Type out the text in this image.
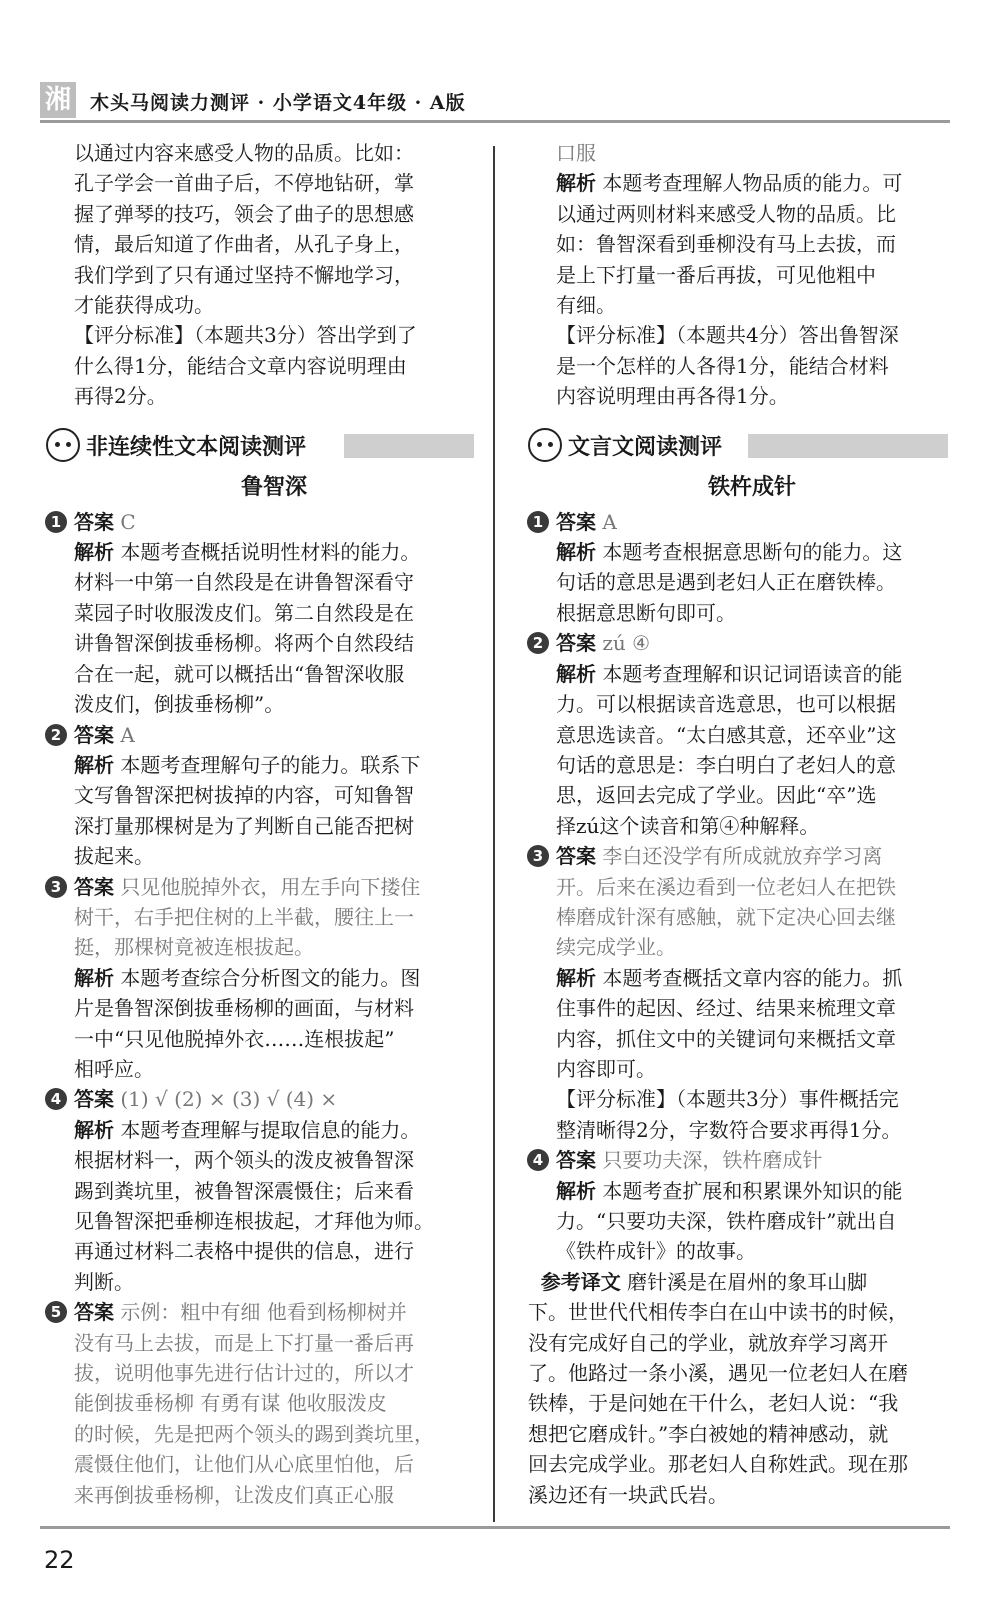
湘 木头马阅读力测评 · 小学语文4年级 · A版

以通过内容来感受人物的品质。比如：

孔子学会一首曲子后，不停地钻研，掌

握了弹琴的技巧，领会了曲子的思想感

情，最后知道了作曲者，从孔子身上，

我们学到了只有通过坚持不懈地学习，

才能获得成功。

【评分标准】（本题共3分）答出学到了

什么得1分，能结合文章内容说明理由

再得2分。

非连续性文本阅读测评
鲁智深
1 答案 C

解析 本题考查概括说明性材料的能力。

材料一中第一自然段是在讲鲁智深看守

菜园子时收服泼皮们。第二自然段是在

讲鲁智深倒拔垂杨柳。将两个自然段结

合在一起，就可以概括出“鲁智深收服

泼皮们，倒拔垂杨柳”。

2 答案 A

解析 本题考查理解句子的能力。联系下

文写鲁智深把树拔掉的内容，可知鲁智

深打量那棵树是为了判断自己能否把树

拔起来。

3 答案 只见他脱掉外衣，用左手向下搂住

树干，右手把住树的上半截，腰往上一

挺，那棵树竟被连根拔起。

解析 本题考查综合分析图文的能力。图

片是鲁智深倒拔垂杨柳的画面，与材料

一中“只见他脱掉外衣……连根拔起”

相呼应。

4 答案 (1) √ (2) × (3) √ (4) ×

解析 本题考查理解与提取信息的能力。

根据材料一，两个领头的泼皮被鲁智深

踢到粪坑里，被鲁智深震慑住；后来看

见鲁智深把垂柳连根拔起，才拜他为师。

再通过材料二表格中提供的信息，进行

判断。

5 答案 示例：粗中有细 他看到杨柳树并

没有马上去拔，而是上下打量一番后再

拔，说明他事先进行估计过的，所以才

能倒拔垂杨柳 有勇有谋 他收服泼皮

的时候，先是把两个领头的踢到粪坑里，

震慑住他们，让他们从心底里怕他，后

来再倒拔垂杨柳，让泼皮们真正心服

口服

解析 本题考查理解人物品质的能力。可

以通过两则材料来感受人物的品质。比

如：鲁智深看到垂柳没有马上去拔，而

是上下打量一番后再拔，可见他粗中

有细。

【评分标准】（本题共4分）答出鲁智深

是一个怎样的人各得1分，能结合材料

内容说明理由再各得1分。

文言文阅读测评
铁杵成针
1 答案 A

解析 本题考查根据意思断句的能力。这

句话的意思是遇到老妇人正在磨铁棒。

根据意思断句即可。

2 答案 zú ④

解析 本题考查理解和识记词语读音的能

力。可以根据读音选意思，也可以根据

意思选读音。“太白感其意，还卒业”这

句话的意思是：李白明白了老妇人的意

思，返回去完成了学业。因此“卒”选

择zú这个读音和第④种解释。

3 答案 李白还没学有所成就放弃学习离

开。后来在溪边看到一位老妇人在把铁

棒磨成针深有感触，就下定决心回去继

续完成学业。

解析 本题考查概括文章内容的能力。抓

住事件的起因、经过、结果来梳理文章

内容，抓住文中的关键词句来概括文章

内容即可。

【评分标准】（本题共3分）事件概括完

整清晰得2分，字数符合要求再得1分。

4 答案 只要功夫深，铁杵磨成针

解析 本题考查扩展和积累课外知识的能

力。“只要功夫深，铁杵磨成针”就出自

《铁杵成针》的故事。

参考译文 磨针溪是在眉州的象耳山脚

下。世世代代相传李白在山中读书的时候，

没有完成好自己的学业，就放弃学习离开

了。他路过一条小溪，遇见一位老妇人在磨

铁棒，于是问她在干什么，老妇人说：“我

想把它磨成针。”李白被她的精神感动，就

回去完成学业。那老妇人自称姓武。现在那

溪边还有一块武氏岩。

22
